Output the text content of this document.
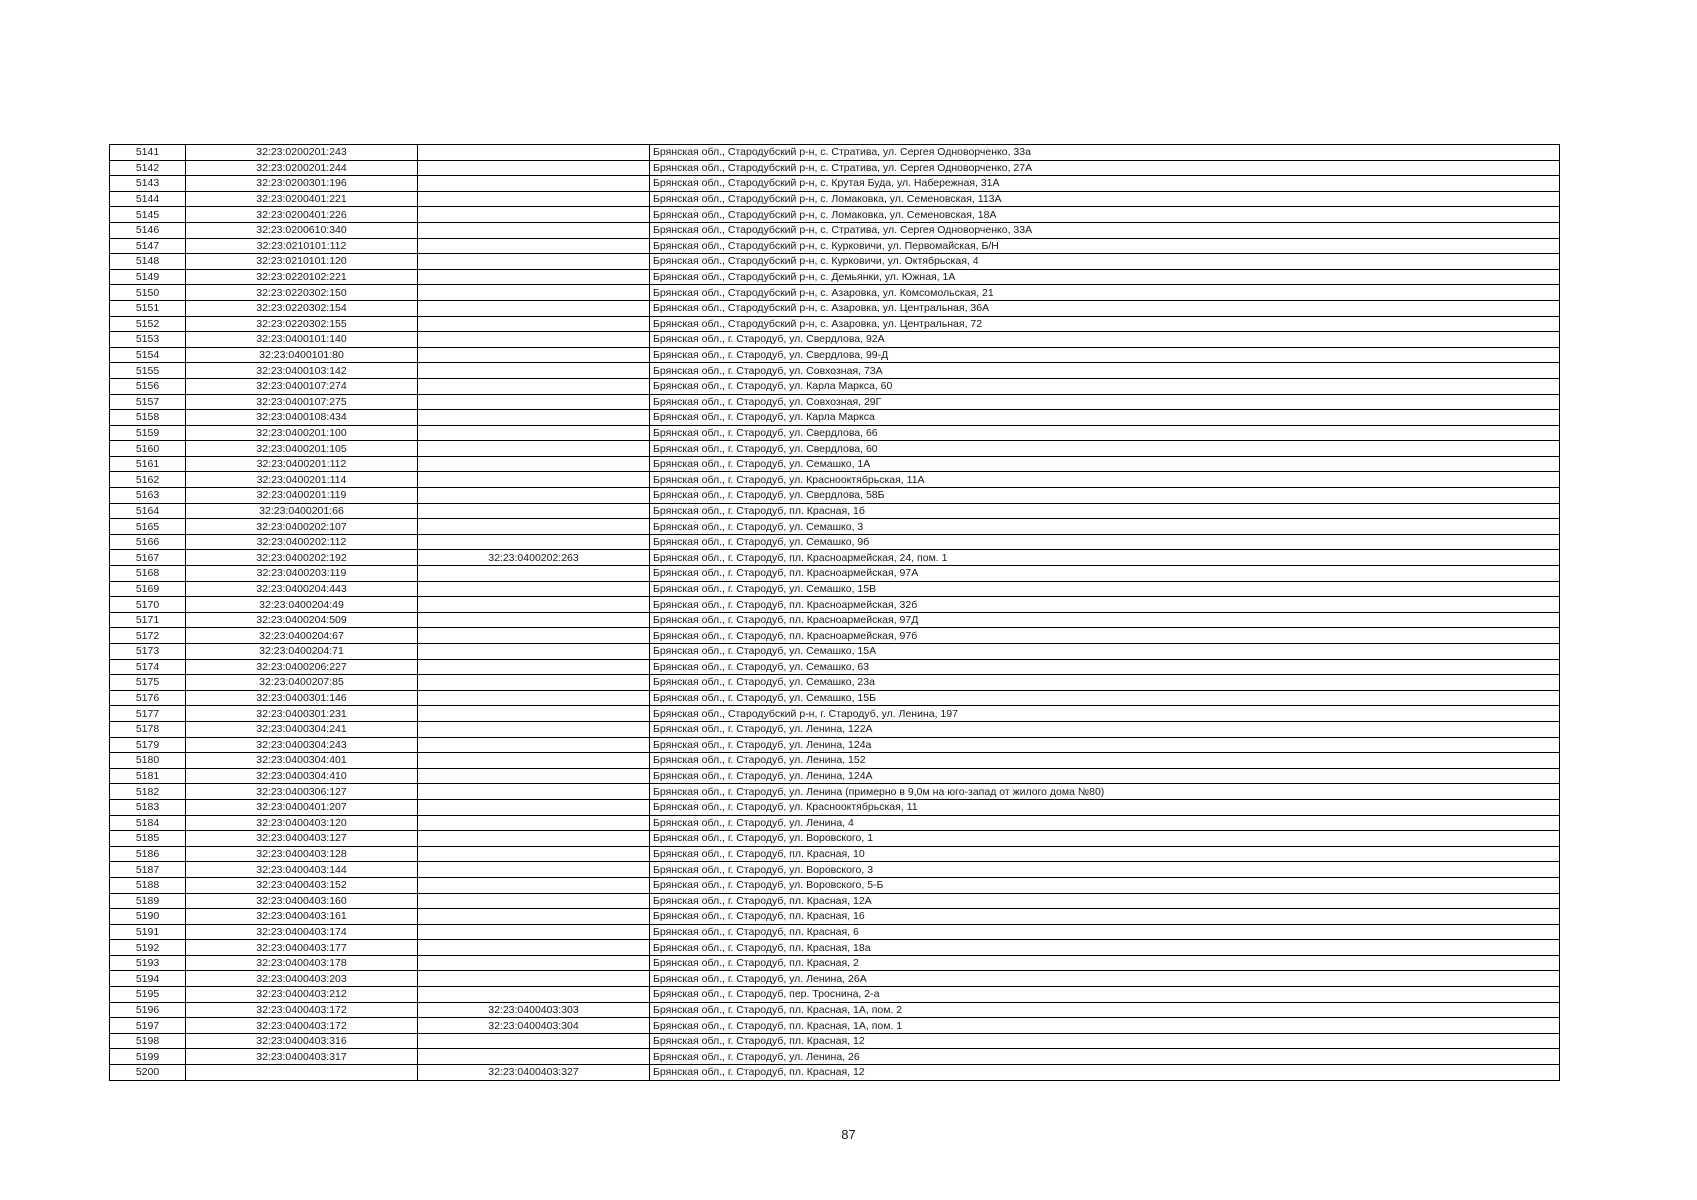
5141	32:23:0200201:243		Брянская обл., Стародубский р-н, с. Стратива, ул. Сергея Одноворченко, 33а
5142	32:23:0200201:244		Брянская обл., Стародубский р-н, с. Стратива, ул. Сергея Одноворченко, 27А
5143	32:23:0200301:196		Брянская обл., Стародубский р-н, с. Крутая Буда, ул. Набережная, 31А
5144	32:23:0200401:221		Брянская обл., Стародубский р-н, с. Ломаковка, ул. Семеновская, 113А
5145	32:23:0200401:226		Брянская обл., Стародубский р-н, с. Ломаковка, ул. Семеновская, 18А
5146	32:23:0200610:340		Брянская обл., Стародубский р-н, с. Стратива, ул. Сергея Одноворченко, 33А
5147	32:23:0210101:112		Брянская обл., Стародубский р-н, с. Курковичи, ул. Первомайская, Б/Н
5148	32:23:0210101:120		Брянская обл., Стародубский р-н, с. Курковичи, ул. Октябрьская, 4
5149	32:23:0220102:221		Брянская обл., Стародубский р-н, с. Демьянки, ул. Южная, 1А
5150	32:23:0220302:150		Брянская обл., Стародубский р-н, с. Азаровка, ул. Комсомольская, 21
5151	32:23:0220302:154		Брянская обл., Стародубский р-н, с. Азаровка, ул. Центральная, 36А
5152	32:23:0220302:155		Брянская обл., Стародубский р-н, с. Азаровка, ул. Центральная, 72
5153	32:23:0400101:140		Брянская обл., г. Стародуб, ул. Свердлова, 92А
5154	32:23:0400101:80		Брянская обл., г. Стародуб, ул. Свердлова, 99-Д
5155	32:23:0400103:142		Брянская обл., г. Стародуб, ул. Совхозная, 73А
5156	32:23:0400107:274		Брянская обл., г. Стародуб, ул. Карла Маркса, 60
5157	32:23:0400107:275		Брянская обл., г. Стародуб, ул. Совхозная, 29Г
5158	32:23:0400108:434		Брянская обл., г. Стародуб, ул. Карла Маркса
5159	32:23:0400201:100		Брянская обл., г. Стародуб, ул. Свердлова, 66
5160	32:23:0400201:105		Брянская обл., г. Стародуб, ул. Свердлова, 60
5161	32:23:0400201:112		Брянская обл., г. Стародуб, ул. Семашко, 1А
5162	32:23:0400201:114		Брянская обл., г. Стародуб, ул. Краснооктябрьская, 11А
5163	32:23:0400201:119		Брянская обл., г. Стародуб, ул. Свердлова, 58Б
5164	32:23:0400201:66		Брянская обл., г. Стародуб, пл. Красная, 1б
5165	32:23:0400202:107		Брянская обл., г. Стародуб, ул. Семашко, 3
5166	32:23:0400202:112		Брянская обл., г. Стародуб, ул. Семашко, 9б
5167	32:23:0400202:192	32:23:0400202:263	Брянская обл., г. Стародуб, пл. Красноармейская, 24, пом. 1
5168	32:23:0400203:119		Брянская обл., г. Стародуб, пл. Красноармейская, 97А
5169	32:23:0400204:443		Брянская обл., г. Стародуб, ул. Семашко, 15В
5170	32:23:0400204:49		Брянская обл., г. Стародуб, пл. Красноармейская, 32б
5171	32:23:0400204:509		Брянская обл., г. Стародуб, пл. Красноармейская, 97Д
5172	32:23:0400204:67		Брянская обл., г. Стародуб, пл. Красноармейская, 97б
5173	32:23:0400204:71		Брянская обл., г. Стародуб, ул. Семашко, 15А
5174	32:23:0400206:227		Брянская обл., г. Стародуб, ул. Семашко, 63
5175	32:23:0400207:85		Брянская обл., г. Стародуб, ул. Семашко, 23а
5176	32:23:0400301:146		Брянская обл., г. Стародуб, ул. Семашко, 15Б
5177	32:23:0400301:231		Брянская обл., Стародубский р-н, г. Стародуб, ул. Ленина, 197
5178	32:23:0400304:241		Брянская обл., г. Стародуб, ул. Ленина, 122А
5179	32:23:0400304:243		Брянская обл., г. Стародуб, ул. Ленина, 124а
5180	32:23:0400304:401		Брянская обл., г. Стародуб, ул. Ленина, 152
5181	32:23:0400304:410		Брянская обл., г. Стародуб, ул. Ленина, 124А
5182	32:23:0400306:127		Брянская обл., г. Стародуб, ул. Ленина (примерно в 9,0м на юго-запад от жилого дома №80)
5183	32:23:0400401:207		Брянская обл., г. Стародуб, ул. Краснооктябрьская, 11
5184	32:23:0400403:120		Брянская обл., г. Стародуб, ул. Ленина, 4
5185	32:23:0400403:127		Брянская обл., г. Стародуб, ул. Воровского, 1
5186	32:23:0400403:128		Брянская обл., г. Стародуб, пл. Красная, 10
5187	32:23:0400403:144		Брянская обл., г. Стародуб, ул. Воровского, 3
5188	32:23:0400403:152		Брянская обл., г. Стародуб, ул. Воровского, 5-Б
5189	32:23:0400403:160		Брянская обл., г. Стародуб, пл. Красная, 12А
5190	32:23:0400403:161		Брянская обл., г. Стародуб, пл. Красная, 16
5191	32:23:0400403:174		Брянская обл., г. Стародуб, пл. Красная, 6
5192	32:23:0400403:177		Брянская обл., г. Стародуб, пл. Красная, 18а
5193	32:23:0400403:178		Брянская обл., г. Стародуб, пл. Красная, 2
5194	32:23:0400403:203		Брянская обл., г. Стародуб, ул. Ленина, 26А
5195	32:23:0400403:212		Брянская обл., г. Стародуб, пер. Троснина, 2-а
5196	32:23:0400403:172	32:23:0400403:303	Брянская обл., г. Стародуб, пл. Красная, 1А, пом. 2
5197	32:23:0400403:172	32:23:0400403:304	Брянская обл., г. Стародуб, пл. Красная, 1А, пом. 1
5198	32:23:0400403:316		Брянская обл., г. Стародуб, пл. Красная, 12
5199	32:23:0400403:317		Брянская обл., г. Стародуб, ул. Ленина, 26
5200		32:23:0400403:327	Брянская обл., г. Стародуб, пл. Красная, 12
87
